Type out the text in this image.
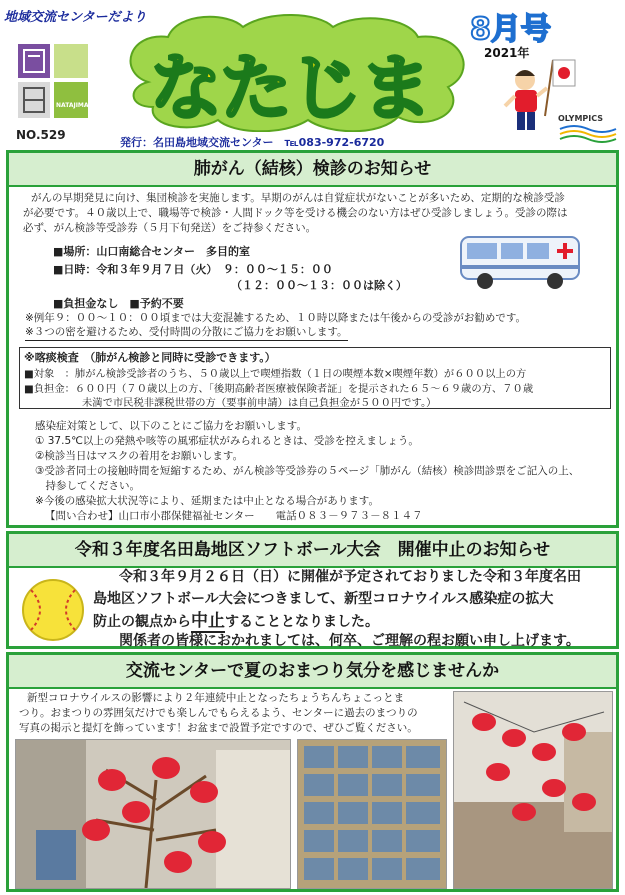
地域交流センターだより
NATAJIMA
NO.529
なたじま
8月号
2021年
OLYMPICS
発行：名田島地域交流センター　℡083-972-6720
肺がん（結核）検診のお知らせ
がんの早期発見に向け、集団検診を実施します。早期のがんは自覚症状がないことが多いため、定期的な検診受診
が必要です。４０歳以上で、職場等で検診・人間ドック等を受ける機会のない方はぜひ受診しましょう。受診の際は
必ず、がん検診等受診券（５月下旬発送）をご持参ください。
■場所：山口南総合センター　多目的室
■日時：令和３年９月７日（火）　９：００～１５：００
（１２：００～１３：００は除く）
■負担金なし　■予約不要
※例年９：００～１０：００頃までは大変混雑するため、１０時以降または午後からの受診がお勧めです。
※３つの密を避けるため、受付時間の分散にご協力をお願いします。
※喀痰検査　（肺がん検診と同時に受診できます。）
■対象　：肺がん検診受診者のうち、５０歳以上で喫煙指数（１日の喫煙本数×喫煙年数）が６００以上の方
■負担金：６００円（７０歳以上の方、「後期高齢者医療被保険者証」を提示された６５～６９歳の方、７０歳
未満で市民税非課税世帯の方（要事前申請）は自己負担金が５００円です。）
感染症対策として、以下のことにご協力をお願いします。
① 37.5℃以上の発熱や咳等の風邪症状がみられるときは、受診を控えましょう。
②検診当日はマスクの着用をお願いします。
③受診者同士の接触時間を短縮するため、がん検診等受診券の５ページ「肺がん（結核）検診問診票をご記入の上、
　持参してください。
※今後の感染拡大状況等により、延期または中止となる場合があります。
【問い合わせ】山口市小郡保健福祉センター　　電話０８３－９７３－８１４７
令和３年度名田島地区ソフトボール大会　開催中止のお知らせ
令和３年９月２６日（日）に開催が予定されておりました令和３年度名田
島地区ソフトボール大会につきまして、新型コロナウイルス感染症の拡大
防止の観点から中止することとなりました。
関係者の皆様におかれましては、何卒、ご理解の程お願い申し上げます。
交流センターで夏のおまつり気分を感じませんか
新型コロナウイルスの影響により２年連続中止となったちょうちんちょこっとま
つり。おまつりの雰囲気だけでも楽しんでもらえるよう、センターに過去のまつりの
写真の掲示と提灯を飾っています！お盆まで設置予定ですので、ぜひご覧ください。
